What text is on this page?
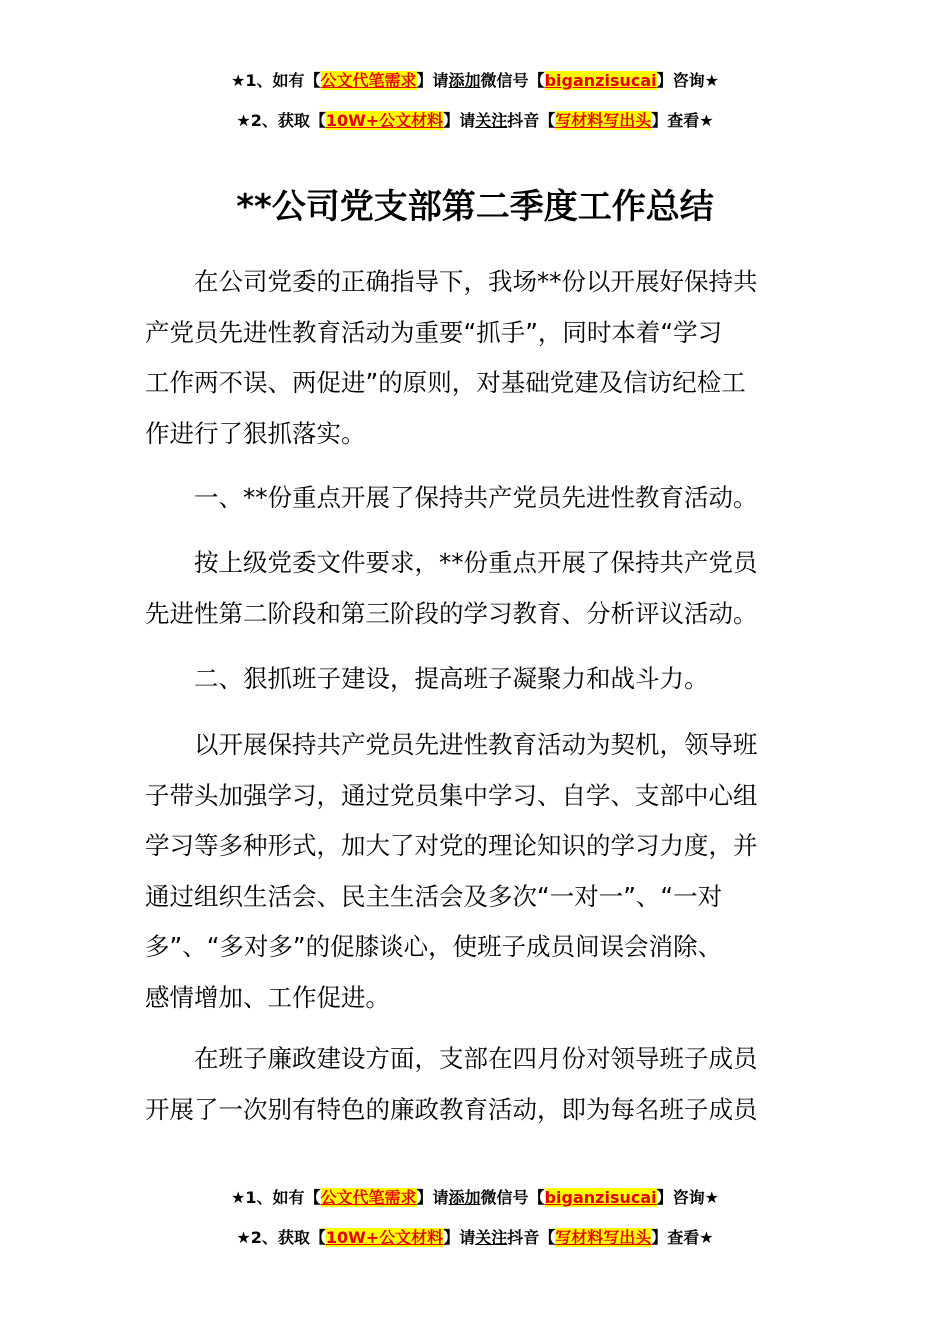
★1、如有【公文代笔需求】请添加微信号【biganzisucai】咨询★
★2、获取【10W+公文材料】请关注抖音【写材料写出头】查看★
**公司党支部第二季度工作总结
　　在公司党委的正确指导下，我场**份以开展好保持共
产党员先进性教育活动为重要“抓手”，同时本着“学习
工作两不误、两促进”的原则，对基础党建及信访纪检工
作进行了狠抓落实。
　　一、**份重点开展了保持共产党员先进性教育活动。
　　按上级党委文件要求，**份重点开展了保持共产党员
先进性第二阶段和第三阶段的学习教育、分析评议活动。
　　二、狠抓班子建设，提高班子凝聚力和战斗力。
　　以开展保持共产党员先进性教育活动为契机，领导班
子带头加强学习，通过党员集中学习、自学、支部中心组
学习等多种形式，加大了对党的理论知识的学习力度，并
通过组织生活会、民主生活会及多次“一对一”、“一对
多”、“多对多”的促膝谈心，使班子成员间误会消除、
感情增加、工作促进。
　　在班子廉政建设方面，支部在四月份对领导班子成员
开展了一次别有特色的廉政教育活动，即为每名班子成员
★1、如有【公文代笔需求】请添加微信号【biganzisucai】咨询★
★2、获取【10W+公文材料】请关注抖音【写材料写出头】查看★
